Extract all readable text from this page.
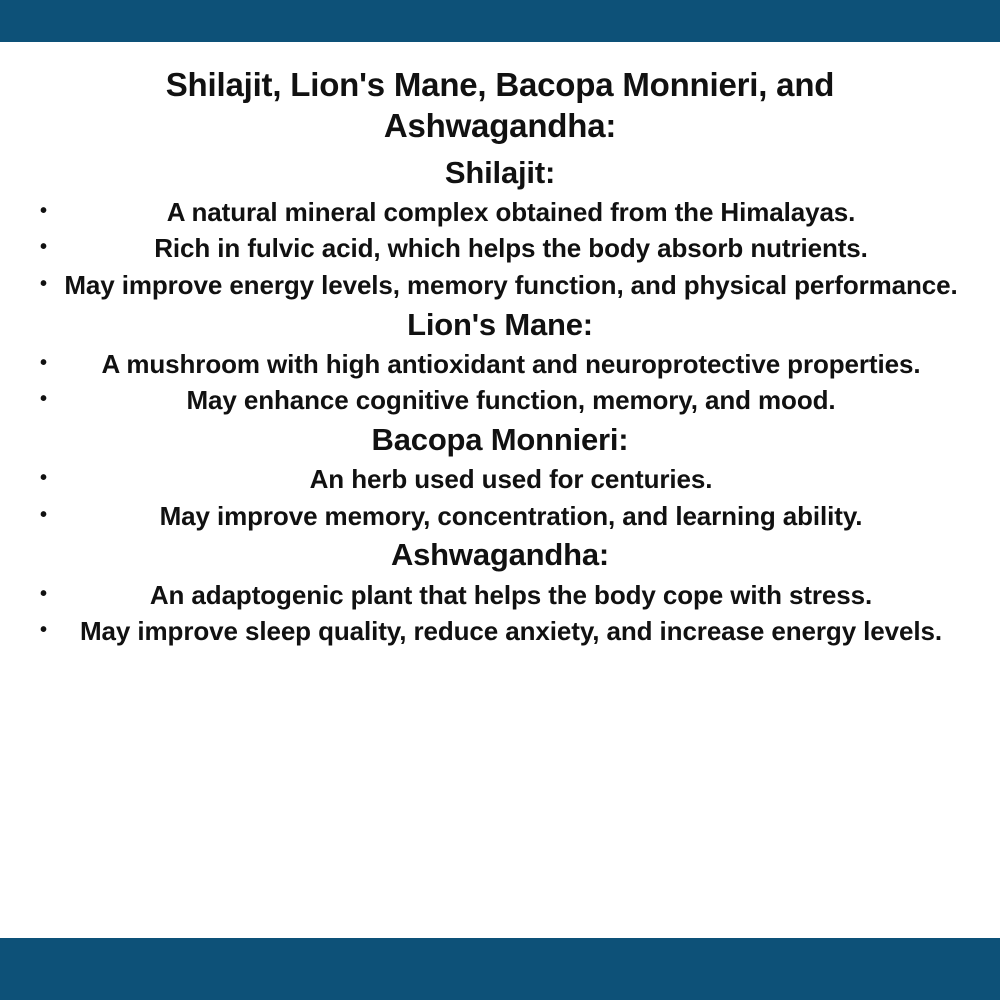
Shilajit, Lion's Mane, Bacopa Monnieri, and Ashwagandha:
Shilajit:
•	A natural mineral complex obtained from the Himalayas.
•	Rich in fulvic acid, which helps the body absorb nutrients.
• May improve energy levels, memory function, and physical performance.
Lion's Mane:
• A mushroom with high antioxidant and neuroprotective properties.
•	May enhance cognitive function, memory, and mood.
Bacopa Monnieri:
•	An herb used used for centuries.
•	May improve memory, concentration, and learning ability.
Ashwagandha:
•	An adaptogenic plant that helps the body cope with stress.
• May improve sleep quality, reduce anxiety, and increase energy levels.
